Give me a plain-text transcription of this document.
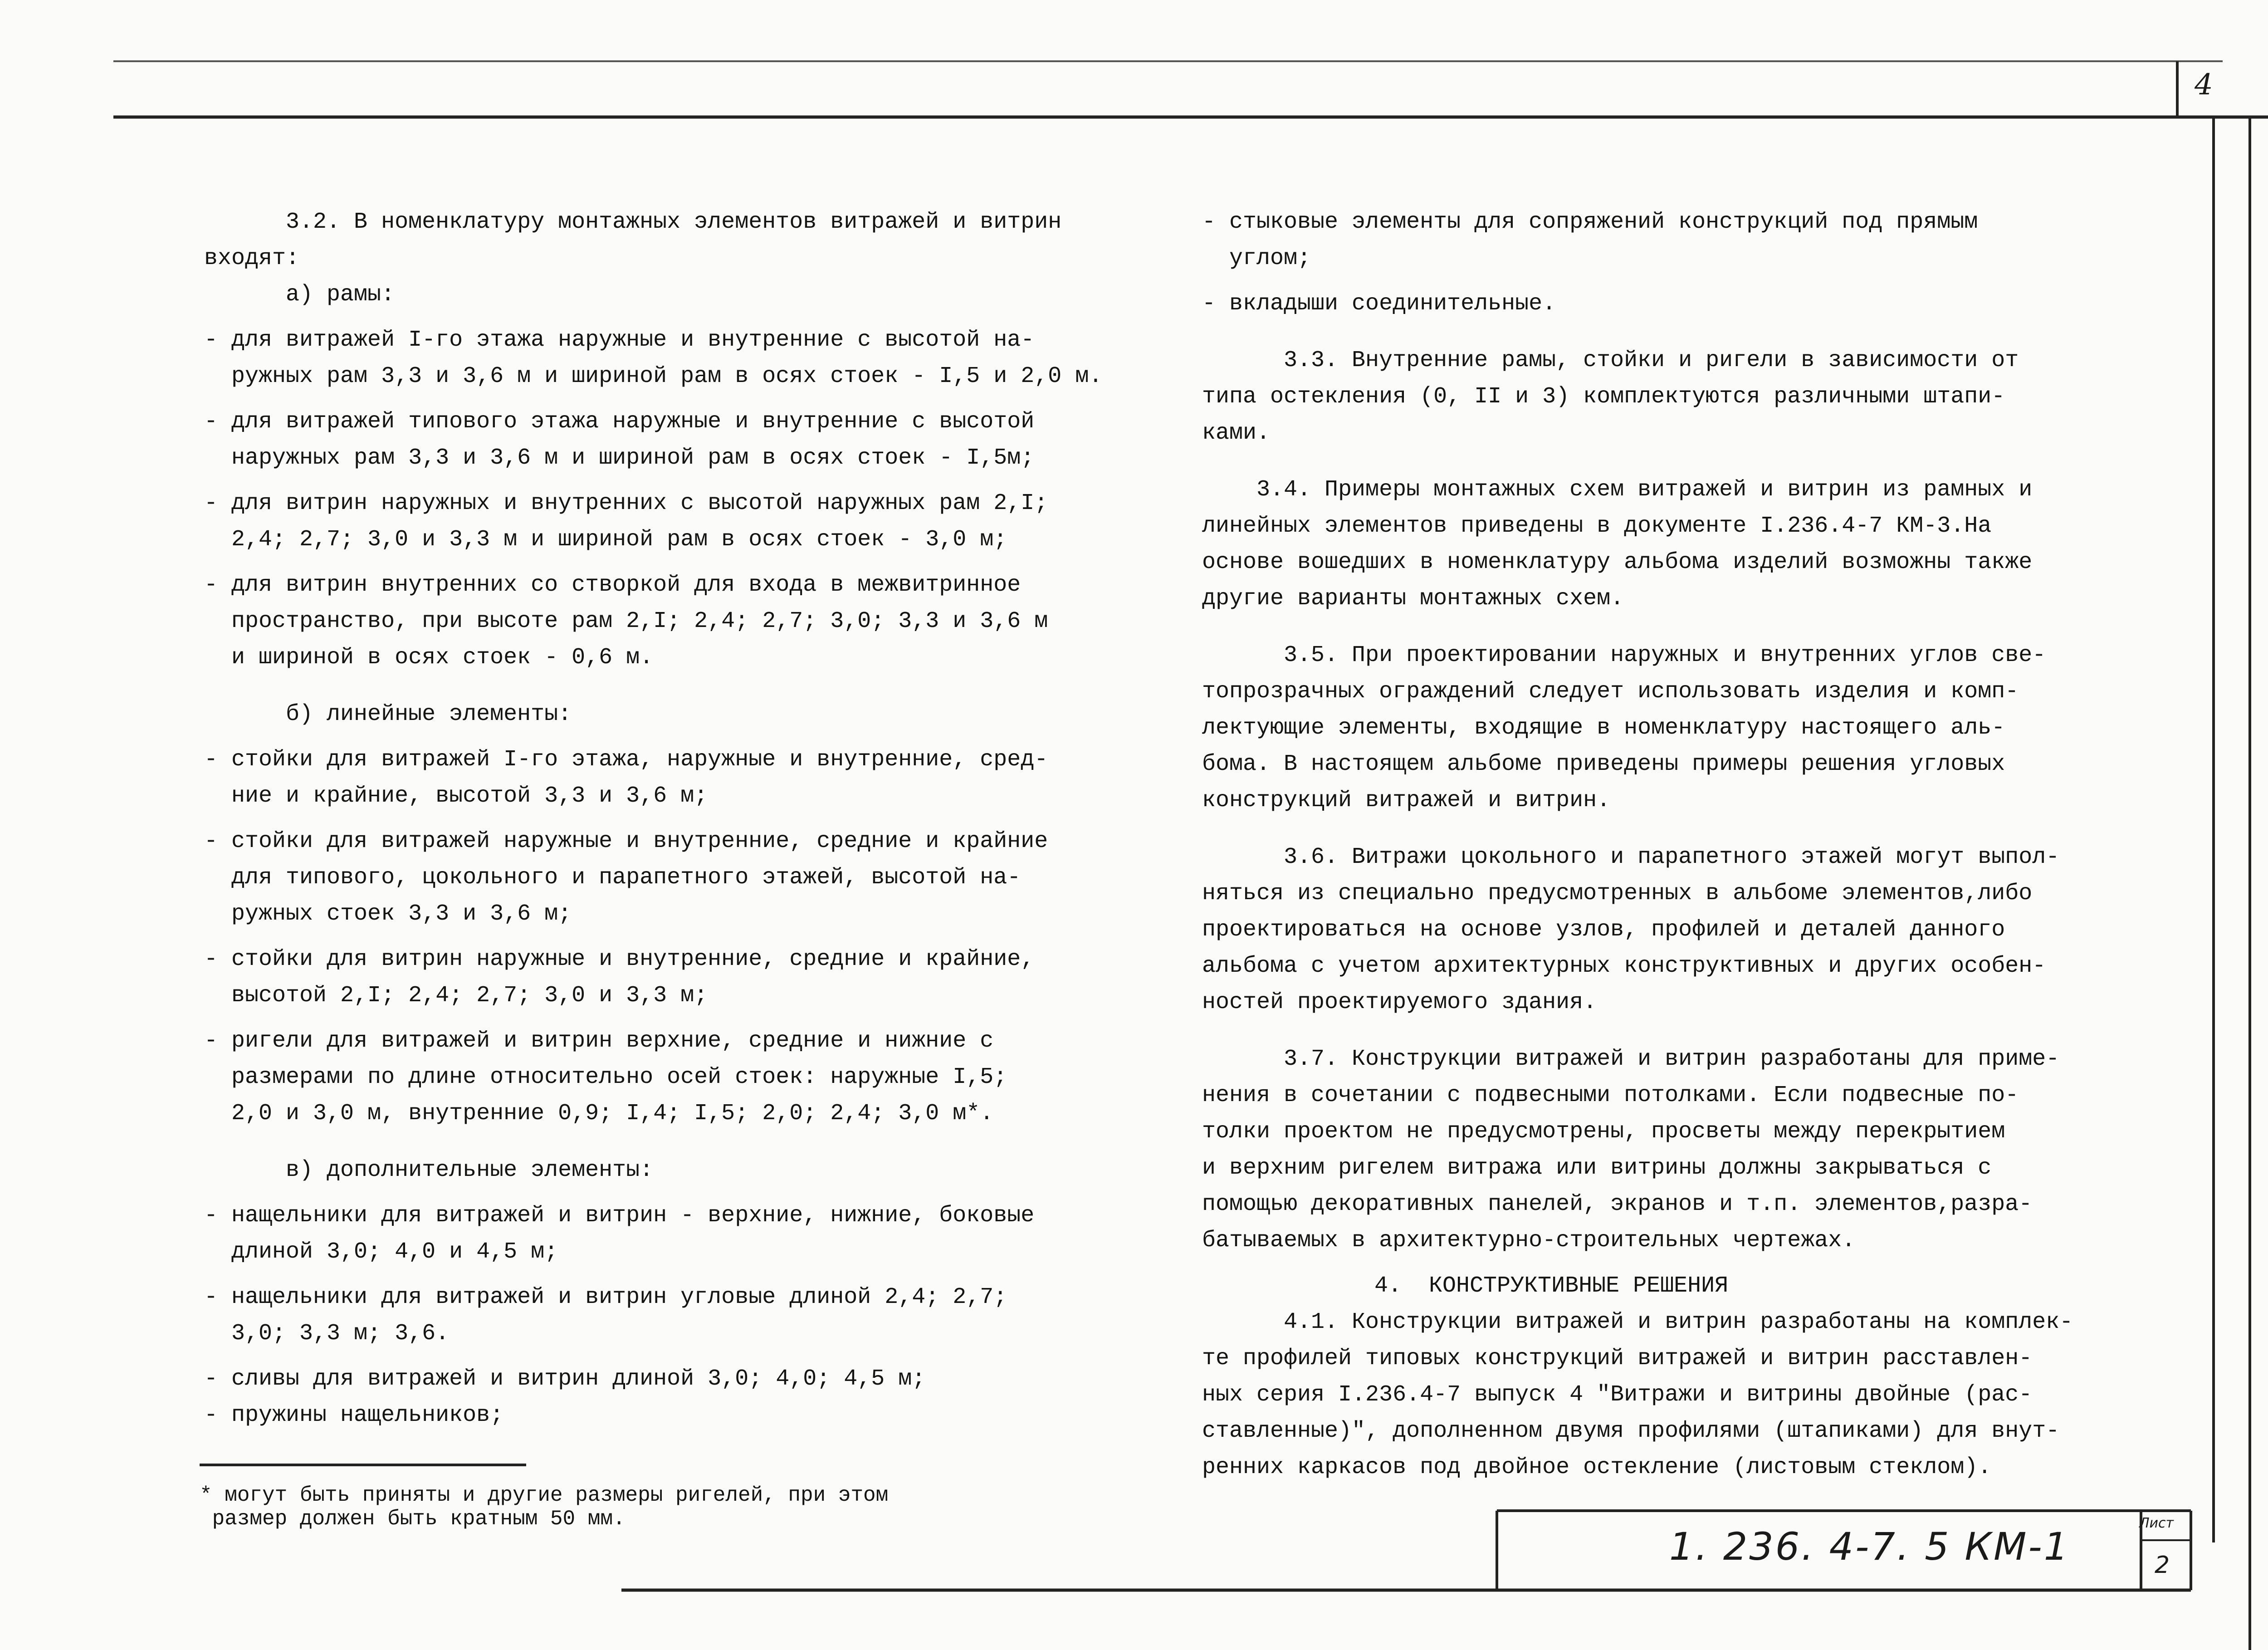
4

3.2. В номенклатуру монтажных элементов витражей и витрин

входят:

а) рамы:

- для витражей I-го этажа наружные и внутренние с высотой на-

ружных рам 3,3 и 3,6 м и шириной рам в осях стоек - I,5 и 2,0 м.

- для витражей типового этажа наружные и внутренние с высотой

наружных рам 3,3 и 3,6 м и шириной рам в осях стоек - I,5м;

- для витрин наружных и внутренних с высотой наружных рам 2,I;

2,4; 2,7; 3,0 и 3,3 м и шириной рам в осях стоек - 3,0 м;

- для витрин внутренних со створкой для входа в межвитринное

пространство, при высоте рам 2,I; 2,4; 2,7; 3,0; 3,3 и 3,6 м

и шириной в осях стоек - 0,6 м.

б) линейные элементы:

- стойки для витражей I-го этажа, наружные и внутренние, сред-

ние и крайние, высотой 3,3 и 3,6 м;

- стойки для витражей наружные и внутренние, средние и крайние

для типового, цокольного и парапетного этажей, высотой на-

ружных стоек 3,3 и 3,6 м;

- стойки для витрин наружные и внутренние, средние и крайние,

высотой 2,I; 2,4; 2,7; 3,0 и 3,3 м;

- ригели для витражей и витрин верхние, средние и нижние с

размерами по длине относительно осей стоек: наружные I,5;

2,0 и 3,0 м, внутренние 0,9; I,4; I,5; 2,0; 2,4; 3,0 м*.

в) дополнительные элементы:

- нащельники для витражей и витрин - верхние, нижние, боковые

длиной 3,0; 4,0 и 4,5 м;

- нащельники для витражей и витрин угловые длиной 2,4; 2,7;

3,0; 3,3 м; 3,6.

- сливы для витражей и витрин длиной 3,0; 4,0; 4,5 м;

- пружины нащельников;

* могут быть приняты и другие размеры ригелей, при этом

размер должен быть кратным 50 мм.

- стыковые элементы для сопряжений конструкций под прямым

углом;

- вкладыши соединительные.

3.3. Внутренние рамы, стойки и ригели в зависимости от

типа остекления (0, II и 3) комплектуются различными штапи-

ками.

3.4. Примеры монтажных схем витражей и витрин из рамных и

линейных элементов приведены в документе I.236.4-7 КМ-3.На

основе вошедших в номенклатуру альбома изделий возможны также

другие варианты монтажных схем.

3.5. При проектировании наружных и внутренних углов све-

топрозрачных ограждений следует использовать изделия и комп-

лектующие элементы, входящие в номенклатуру настоящего аль-

бома. В настоящем альбоме приведены примеры решения угловых

конструкций витражей и витрин.

3.6. Витражи цокольного и парапетного этажей могут выпол-

няться из специально предусмотренных в альбоме элементов,либо

проектироваться на основе узлов, профилей и деталей данного

альбома с учетом архитектурных конструктивных и других особен-

ностей проектируемого здания.

3.7. Конструкции витражей и витрин разработаны для приме-

нения в сочетании с подвесными потолками. Если подвесные по-

толки проектом не предусмотрены, просветы между перекрытием

и верхним ригелем витража или витрины должны закрываться с

помощью декоративных панелей, экранов и т.п. элементов,разра-

батываемых в архитектурно-строительных чертежах.

4.  КОНСТРУКТИВНЫЕ РЕШЕНИЯ

4.1. Конструкции витражей и витрин разработаны на комплек-

те профилей типовых конструкций витражей и витрин расставлен-

ных серия I.236.4-7 выпуск 4 "Витражи и витрины двойные (рас-

ставленные)", дополненном двумя профилями (штапиками) для внут-

ренних каркасов под двойное остекление (листовым стеклом).

1. 236. 4-7. 5 КМ-1
Лист
2
